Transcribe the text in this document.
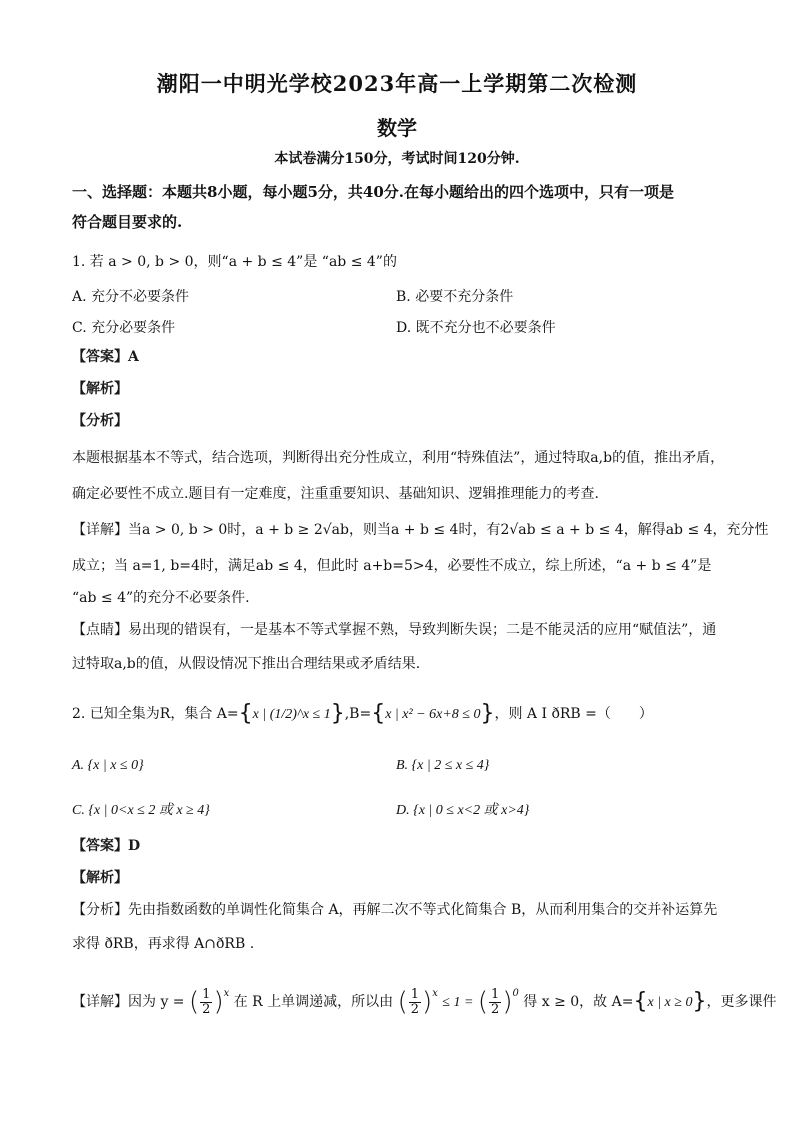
潮阳一中明光学校2023年高一上学期第二次检测
数学
本试卷满分150分，考试时间120分钟.
一、选择题：本题共8小题，每小题5分，共40分.在每小题给出的四个选项中，只有一项是
符合题目要求的.
1. 若 a > 0, b > 0，则“a + b ≤ 4”是 “ab ≤ 4”的
A. 充分不必要条件	B. 必要不充分条件
C. 充分必要条件	D. 既不充分也不必要条件
【答案】A
【解析】
【分析】
本题根据基本不等式，结合选项，判断得出充分性成立，利用“特殊值法”，通过特取a,b的值，推出矛盾，
确定必要性不成立.题目有一定难度，注重重要知识、基础知识、逻辑推理能力的考查.
【详解】当a > 0, b > 0时，a + b ≥ 2√ab，则当a + b ≤ 4时，有2√ab ≤ a + b ≤ 4，解得ab ≤ 4，充分性
成立；当 a=1, b=4时，满足ab ≤ 4，但此时 a+b=5>4，必要性不成立，综上所述，“a + b ≤ 4”是
“ab ≤ 4”的充分不必要条件.
【点睛】易出现的错误有，一是基本不等式掌握不熟，导致判断失误；二是不能灵活的应用“赋值法”，通
过特取a,b的值，从假设情况下推出合理结果或矛盾结果.
2. 已知全集为R，集合 A={x | (1/2)^x ≤ 1},B={x | x² − 6x+8 ≤ 0}，则 A I ðRB =（　　）
A. {x | x ≤ 0}	B. {x | 2 ≤ x ≤ 4}
C. {x | 0<x ≤ 2 或 x ≥ 4}	D. {x | 0 ≤ x<2 或 x>4}
【答案】D
【解析】
【分析】先由指数函数的单调性化简集合 A，再解二次不等式化简集合 B，从而利用集合的交并补运算先
求得 ðRB，再求得 A∩ðRB .
【详解】因为 y = ( $\frac{1}{2} )^x$ 在 R 上单调递减，所以由 ( $\frac{1}{2} )^x \le 1$ = ( $\frac{1}{2} )^0$ 得 x ≥ 0，故 A={x | x ≥ 0}，更多课件
